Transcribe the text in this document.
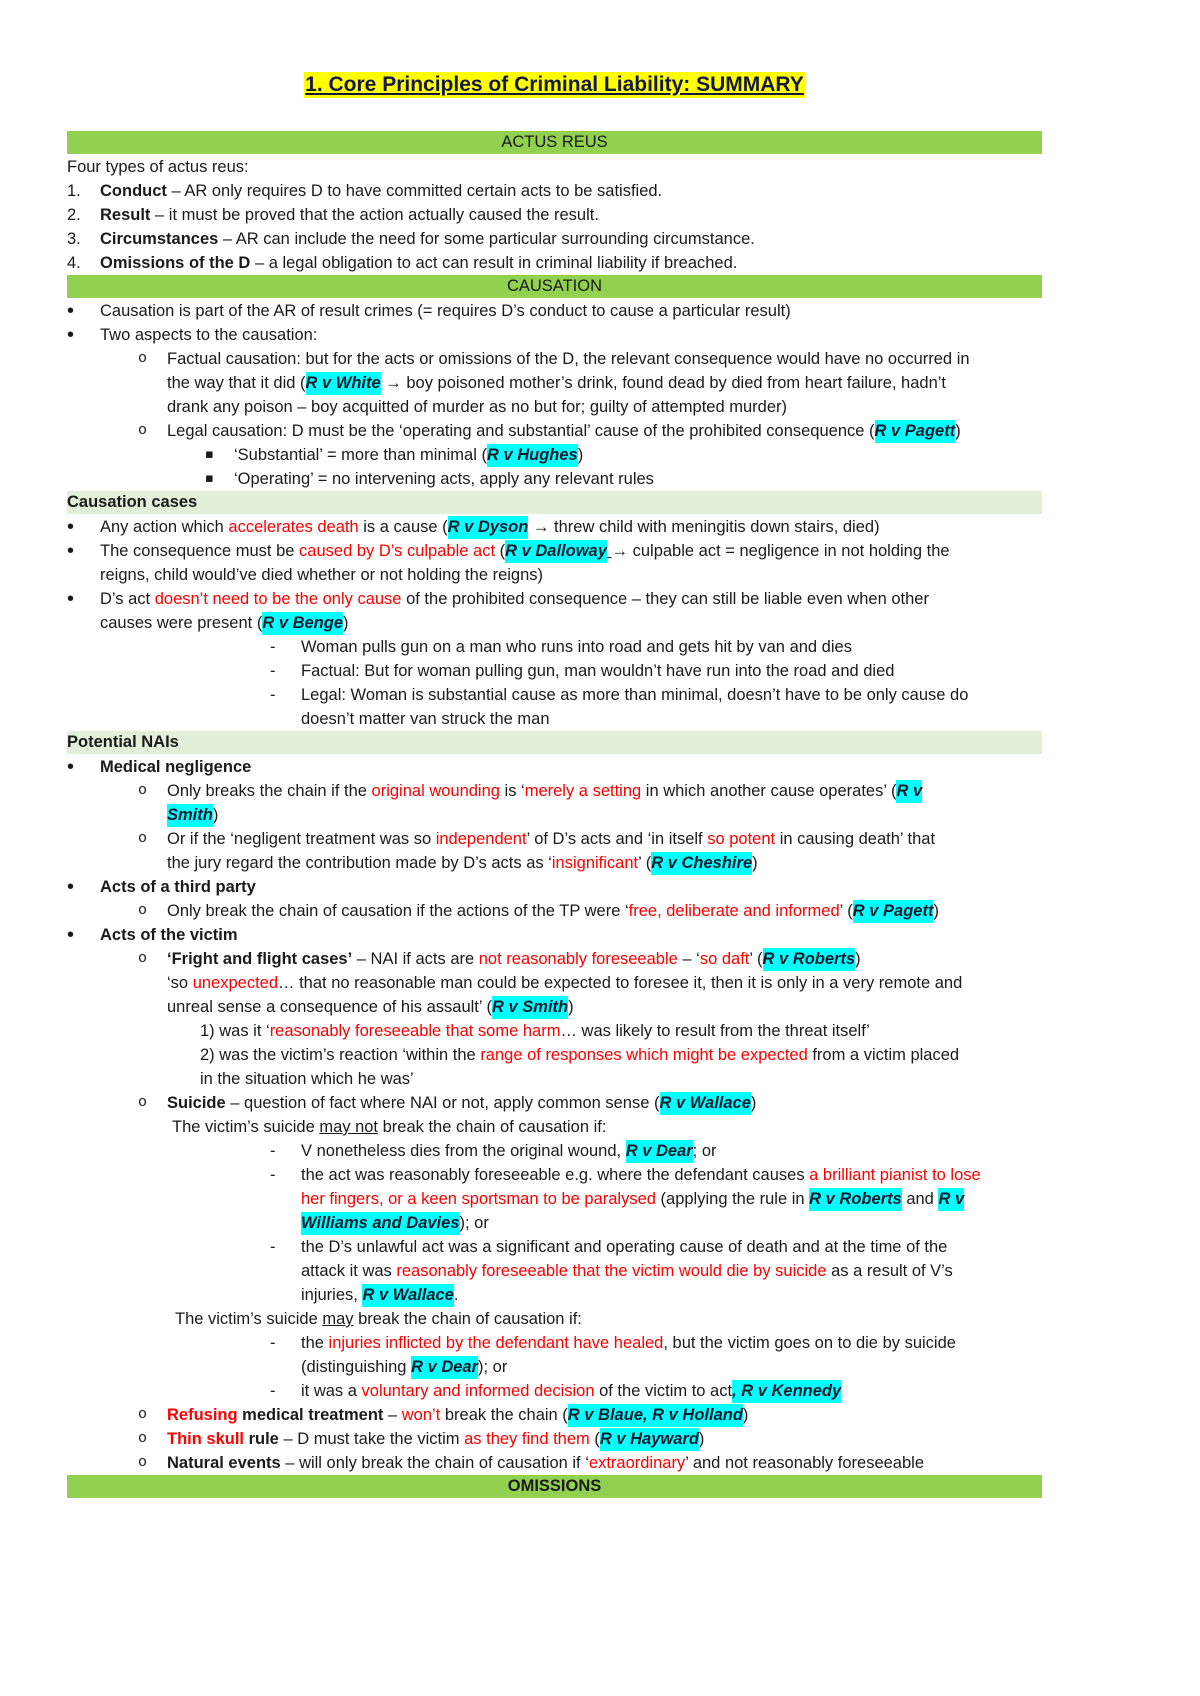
1. Core Principles of Criminal Liability: SUMMARY
ACTUS REUS
Four types of actus reus:
1. Conduct – AR only requires D to have committed certain acts to be satisfied.
2. Result – it must be proved that the action actually caused the result.
3. Circumstances – AR can include the need for some particular surrounding circumstance.
4. Omissions of the D – a legal obligation to act can result in criminal liability if breached.
CAUSATION
• Causation is part of the AR of result crimes (= requires D’s conduct to cause a particular result)
• Two aspects to the causation:
o Factual causation: but for the acts or omissions of the D, the relevant consequence would have no occurred in
the way that it did (R v White → boy poisoned mother’s drink, found dead by died from heart failure, hadn’t
drank any poison – boy acquitted of murder as no but for; guilty of attempted murder)
o Legal causation: D must be the ‘operating and substantial’ cause of the prohibited consequence (R v Pagett)
▪ ‘Substantial’ = more than minimal (R v Hughes)
▪ ‘Operating’ = no intervening acts, apply any relevant rules
Causation cases
• Any action which accelerates death is a cause (R v Dyson → threw child with meningitis down stairs, died)
• The consequence must be caused by D’s culpable act (R v Dalloway → culpable act = negligence in not holding the
reigns, child would’ve died whether or not holding the reigns)
• D’s act doesn’t need to be the only cause of the prohibited consequence – they can still be liable even when other
causes were present (R v Benge)
- Woman pulls gun on a man who runs into road and gets hit by van and dies
- Factual: But for woman pulling gun, man wouldn’t have run into the road and died
- Legal: Woman is substantial cause as more than minimal, doesn’t have to be only cause do
doesn’t matter van struck the man
Potential NAIs
• Medical negligence
o Only breaks the chain if the original wounding is ‘merely a setting in which another cause operates’ (R v
Smith)
o Or if the ‘negligent treatment was so independent’ of D’s acts and ‘in itself so potent in causing death’ that
the jury regard the contribution made by D’s acts as ‘insignificant’ (R v Cheshire)
• Acts of a third party
o Only break the chain of causation if the actions of the TP were ‘free, deliberate and informed’ (R v Pagett)
• Acts of the victim
o ‘Fright and flight cases’ – NAI if acts are not reasonably foreseeable – ‘so daft’ (R v Roberts)
‘so unexpected… that no reasonable man could be expected to foresee it, then it is only in a very remote and
unreal sense a consequence of his assault’ (R v Smith)
1) was it ‘reasonably foreseeable that some harm… was likely to result from the threat itself’
2) was the victim’s reaction ‘within the range of responses which might be expected from a victim placed
in the situation which he was’
o Suicide – question of fact where NAI or not, apply common sense (R v Wallace)
The victim’s suicide may not break the chain of causation if:
- V nonetheless dies from the original wound, R v Dear; or
- the act was reasonably foreseeable e.g. where the defendant causes a brilliant pianist to lose
her fingers, or a keen sportsman to be paralysed (applying the rule in R v Roberts and R v
Williams and Davies); or
- the D’s unlawful act was a significant and operating cause of death and at the time of the
attack it was reasonably foreseeable that the victim would die by suicide as a result of V’s
injuries, R v Wallace.
The victim’s suicide may break the chain of causation if:
- the injuries inflicted by the defendant have healed, but the victim goes on to die by suicide
(distinguishing R v Dear); or
- it was a voluntary and informed decision of the victim to act, R v Kennedy
o Refusing medical treatment – won’t break the chain (R v Blaue, R v Holland)
o Thin skull rule – D must take the victim as they find them (R v Hayward)
o Natural events – will only break the chain of causation if ‘extraordinary’ and not reasonably foreseeable
OMISSIONS
